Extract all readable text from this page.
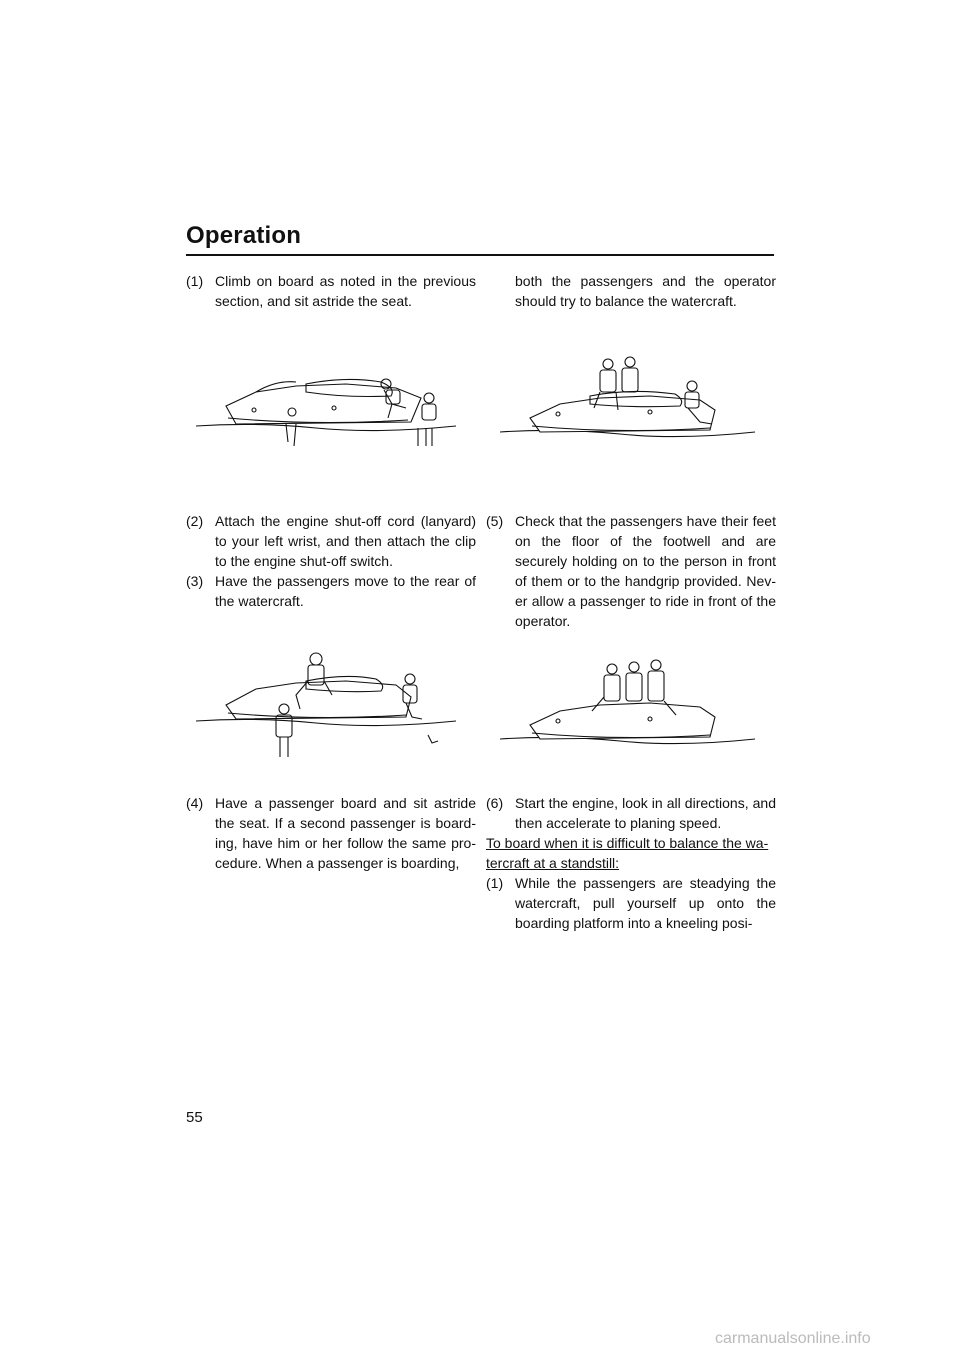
Operation

(1) Climb on board as noted in the previous section, and sit astride the seat.

(2) Attach the engine shut-off cord (lanyard) to your left wrist, and then attach the clip to the engine shut-off switch.

(3) Have the passengers move to the rear of the watercraft.

(4) Have a passenger board and sit astride the seat. If a second passenger is board-ing, have him or her follow the same pro-cedure. When a passenger is boarding,

both the passengers and the operator should try to balance the watercraft.

(5) Check that the passengers have their feet on the floor of the footwell and are securely holding on to the person in front of them or to the handgrip provided. Nev-er allow a passenger to ride in front of the operator.

(6) Start the engine, look in all directions, and then accelerate to planing speed.

To board when it is difficult to balance the wa-tercraft at a standstill:

(1) While the passengers are steadying the watercraft, pull yourself up onto the boarding platform into a kneeling posi-

55
carmanualsonline.info
